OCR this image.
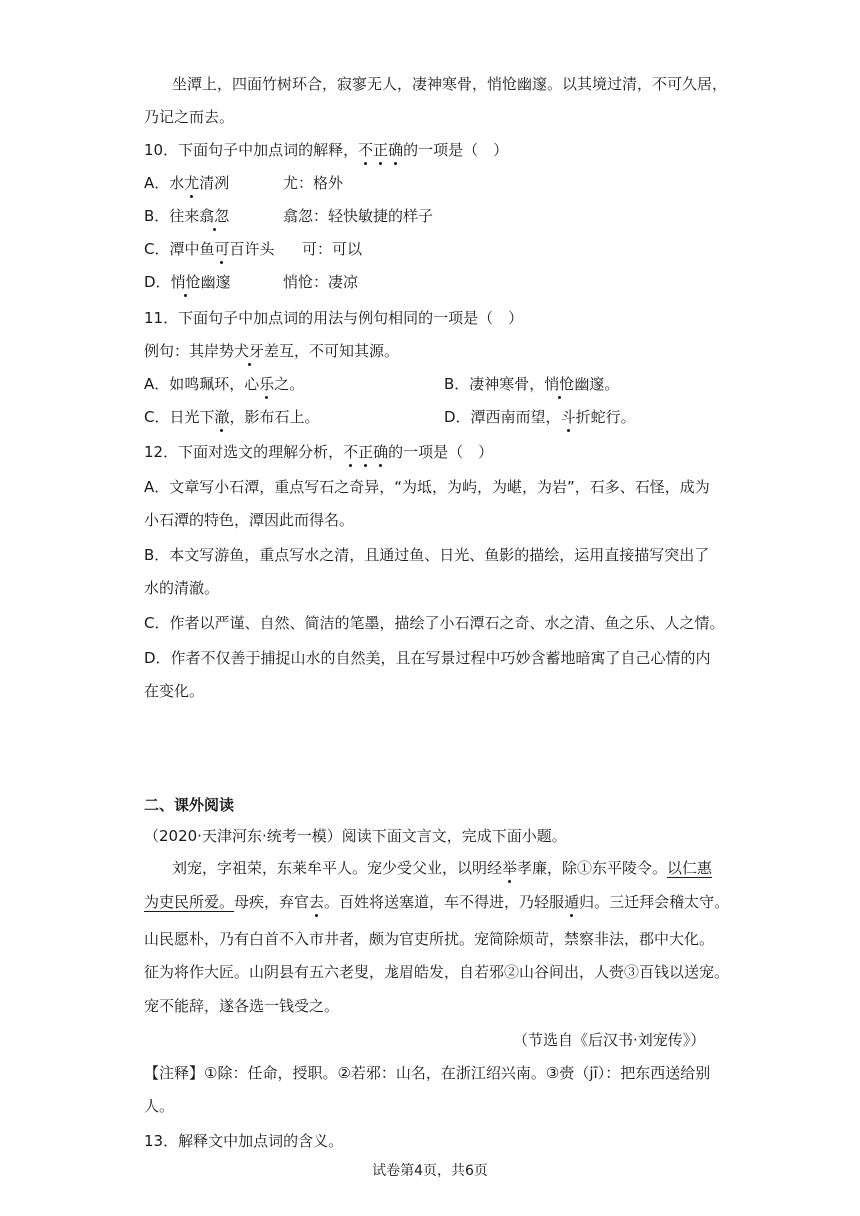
坐潭上，四面竹树环合，寂寥无人，凄神寒骨，悄怆幽邃。以其境过清，不可久居，
乃记之而去。
10．下面句子中加点词的解释，不正确的一项是（　）
A．水尤清冽	尤：格外
B．往来翕忽	翕忽：轻快敏捷的样子
C．潭中鱼可百许头 可：可以
D．悄怆幽邃	悄怆：凄凉
11．下面句子中加点词的用法与例句相同的一项是（　）
例句：其岸势犬牙差互，不可知其源。
A．如鸣珮环，心乐之。	B．凄神寒骨，悄怆幽邃。
C．日光下澈，影布石上。	D．潭西南而望，斗折蛇行。
12．下面对选文的理解分析，不正确的一项是（　）
A．文章写小石潭，重点写石之奇异，“为坻，为屿，为嵁，为岩”，石多、石怪，成为
小石潭的特色，潭因此而得名。
B．本文写游鱼，重点写水之清，且通过鱼、日光、鱼影的描绘，运用直接描写突出了
水的清澈。
C．作者以严谨、自然、简洁的笔墨，描绘了小石潭石之奇、水之清、鱼之乐、人之情。
D．作者不仅善于捕捉山水的自然美，且在写景过程中巧妙含蓄地暗寓了自己心情的内
在变化。
二、课外阅读
（2020·天津河东·统考一模）阅读下面文言文，完成下面小题。
刘宠，字祖荣，东莱牟平人。宠少受父业，以明经举孝廉，除①东平陵令。以仁惠
为吏民所爱。母疾，弃官去。百姓将送塞道，车不得进，乃轻服遁归。三迁拜会稽太守。
山民愿朴，乃有白首不入市井者，颇为官吏所扰。宠简除烦苛，禁察非法，郡中大化。
征为将作大匠。山阴县有五六老叟，尨眉皓发，自若邪②山谷间出，人赍③百钱以送宠。
宠不能辞，遂各选一钱受之。
（节选自《后汉书·刘宠传》）
【注释】①除：任命，授职。②若邪：山名，在浙江绍兴南。③赍（jī）：把东西送给别
人。
13．解释文中加点词的含义。
试卷第4页，共6页
